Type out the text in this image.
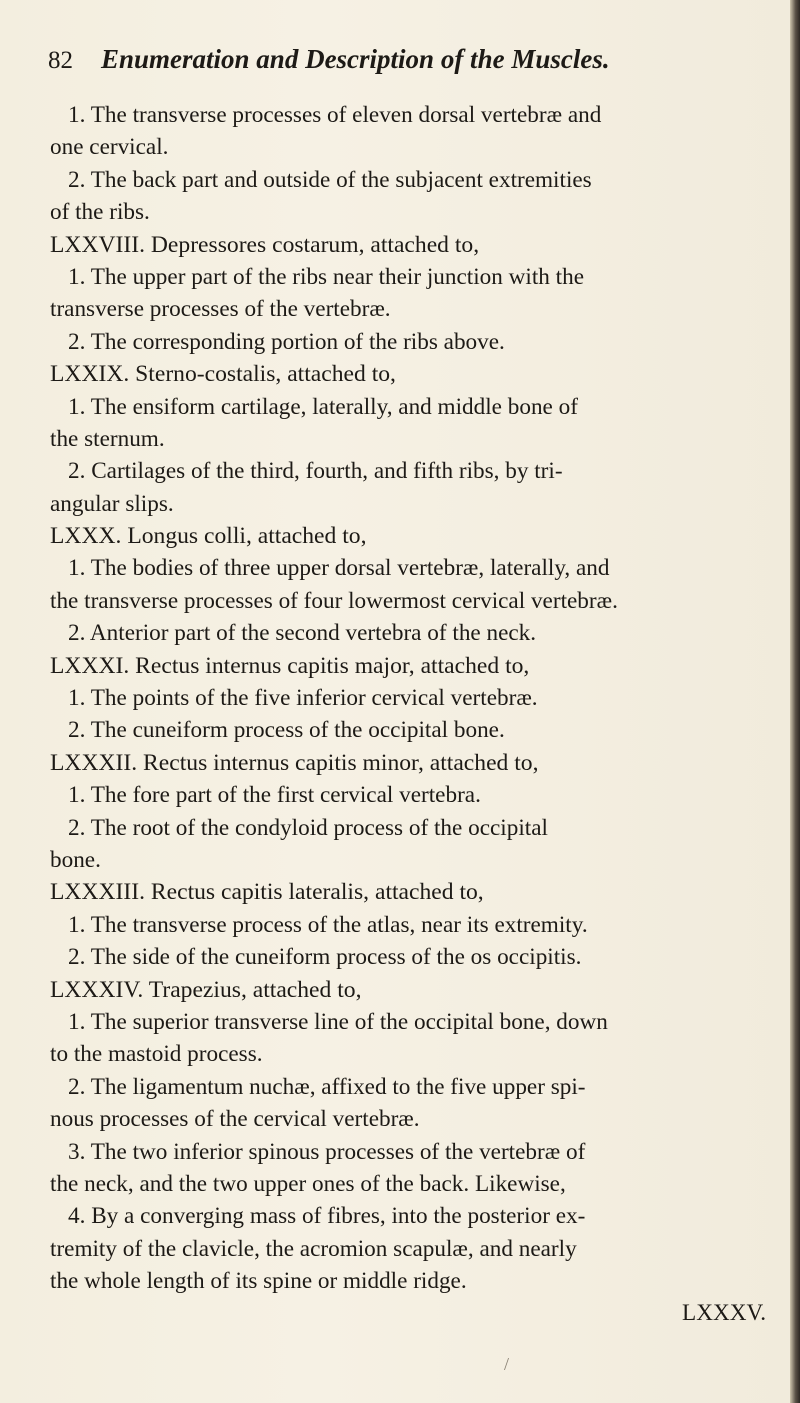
82 Enumeration and Description of the Muscles.
1. The transverse processes of eleven dorsal vertebræ and
one cervical.
2. The back part and outside of the subjacent extremities
of the ribs.
LXXVIII. Depressores costarum, attached to,
1. The upper part of the ribs near their junction with the
transverse processes of the vertebræ.
2. The corresponding portion of the ribs above.
LXXIX. Sterno-costalis, attached to,
1. The ensiform cartilage, laterally, and middle bone of
the sternum.
2. Cartilages of the third, fourth, and fifth ribs, by tri-
angular slips.
LXXX. Longus colli, attached to,
1. The bodies of three upper dorsal vertebræ, laterally, and
the transverse processes of four lowermost cervical vertebræ.
2. Anterior part of the second vertebra of the neck.
LXXXI. Rectus internus capitis major, attached to,
1. The points of the five inferior cervical vertebræ.
2. The cuneiform process of the occipital bone.
LXXXII. Rectus internus capitis minor, attached to,
1. The fore part of the first cervical vertebra.
2. The root of the condyloid process of the occipital
bone.
LXXXIII. Rectus capitis lateralis, attached to,
1. The transverse process of the atlas, near its extremity.
2. The side of the cuneiform process of the os occipitis.
LXXXIV. Trapezius, attached to,
1. The superior transverse line of the occipital bone, down
to the mastoid process.
2. The ligamentum nuchæ, affixed to the five upper spi-
nous processes of the cervical vertebræ.
3. The two inferior spinous processes of the vertebræ of
the neck, and the two upper ones of the back. Likewise,
4. By a converging mass of fibres, into the posterior ex-
tremity of the clavicle, the acromion scapulæ, and nearly
the whole length of its spine or middle ridge.
LXXXV.
/
